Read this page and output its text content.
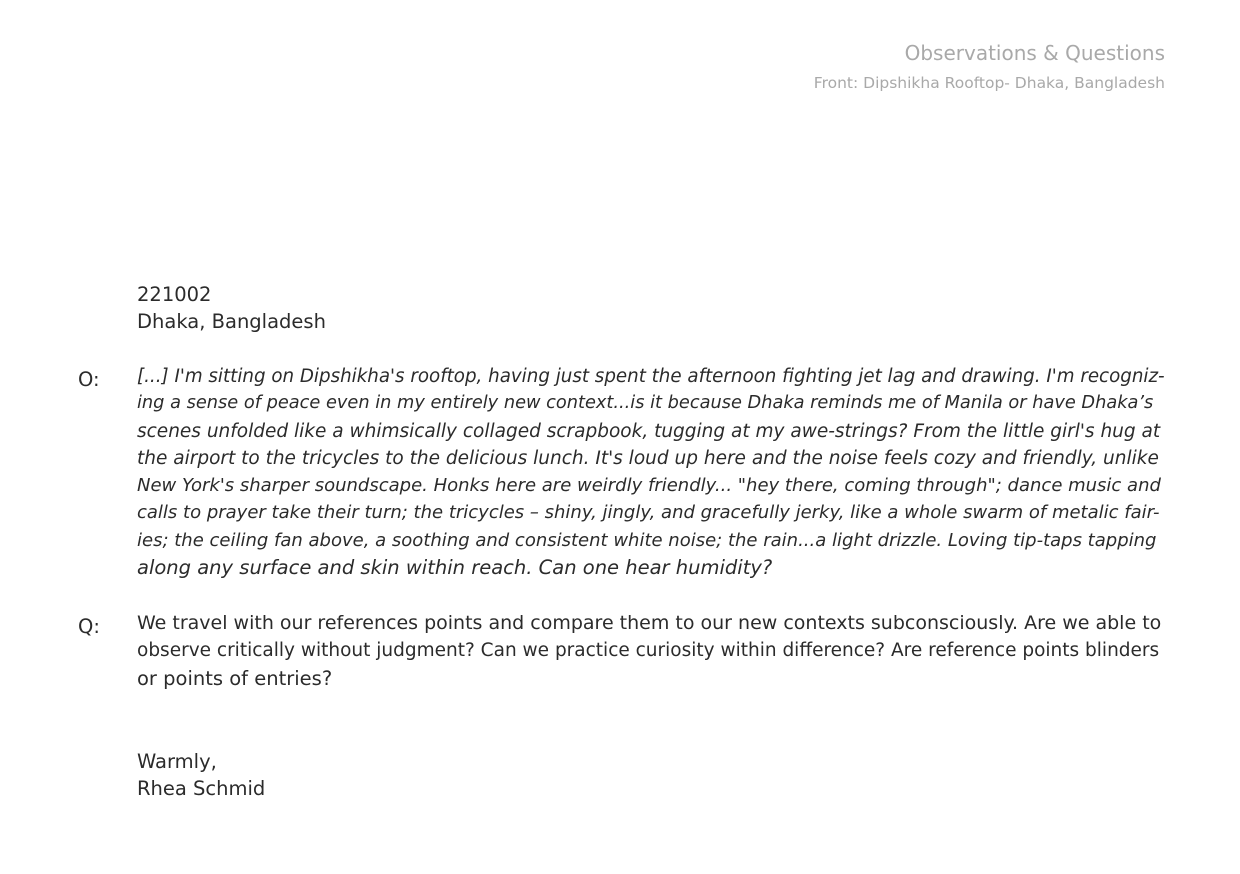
Observations & Questions
Front: Dipshikha Rooftop- Dhaka, Bangladesh
221002
Dhaka, Bangladesh
O: [...] I'm sitting on Dipshikha's rooftop, having just spent the afternoon fighting jet lag and drawing. I'm recogniz-
ing a sense of peace even in my entirely new context...is it because Dhaka reminds me of Manila or have Dhaka’s
scenes unfolded like a whimsically collaged scrapbook, tugging at my awe-strings? From the little girl's hug at
the airport to the tricycles to the delicious lunch. It's loud up here and the noise feels cozy and friendly, unlike
New York's sharper soundscape. Honks here are weirdly friendly... "hey there, coming through"; dance music and
calls to prayer take their turn; the tricycles – shiny, jingly, and gracefully jerky, like a whole swarm of metalic fair-
ies; the ceiling fan above, a soothing and consistent white noise; the rain...a light drizzle. Loving tip-taps tapping
along any surface and skin within reach. Can one hear humidity?
Q: We travel with our references points and compare them to our new contexts subconsciously. Are we able to
observe critically without judgment? Can we practice curiosity within difference? Are reference points blinders
or points of entries?
Warmly,
Rhea Schmid
